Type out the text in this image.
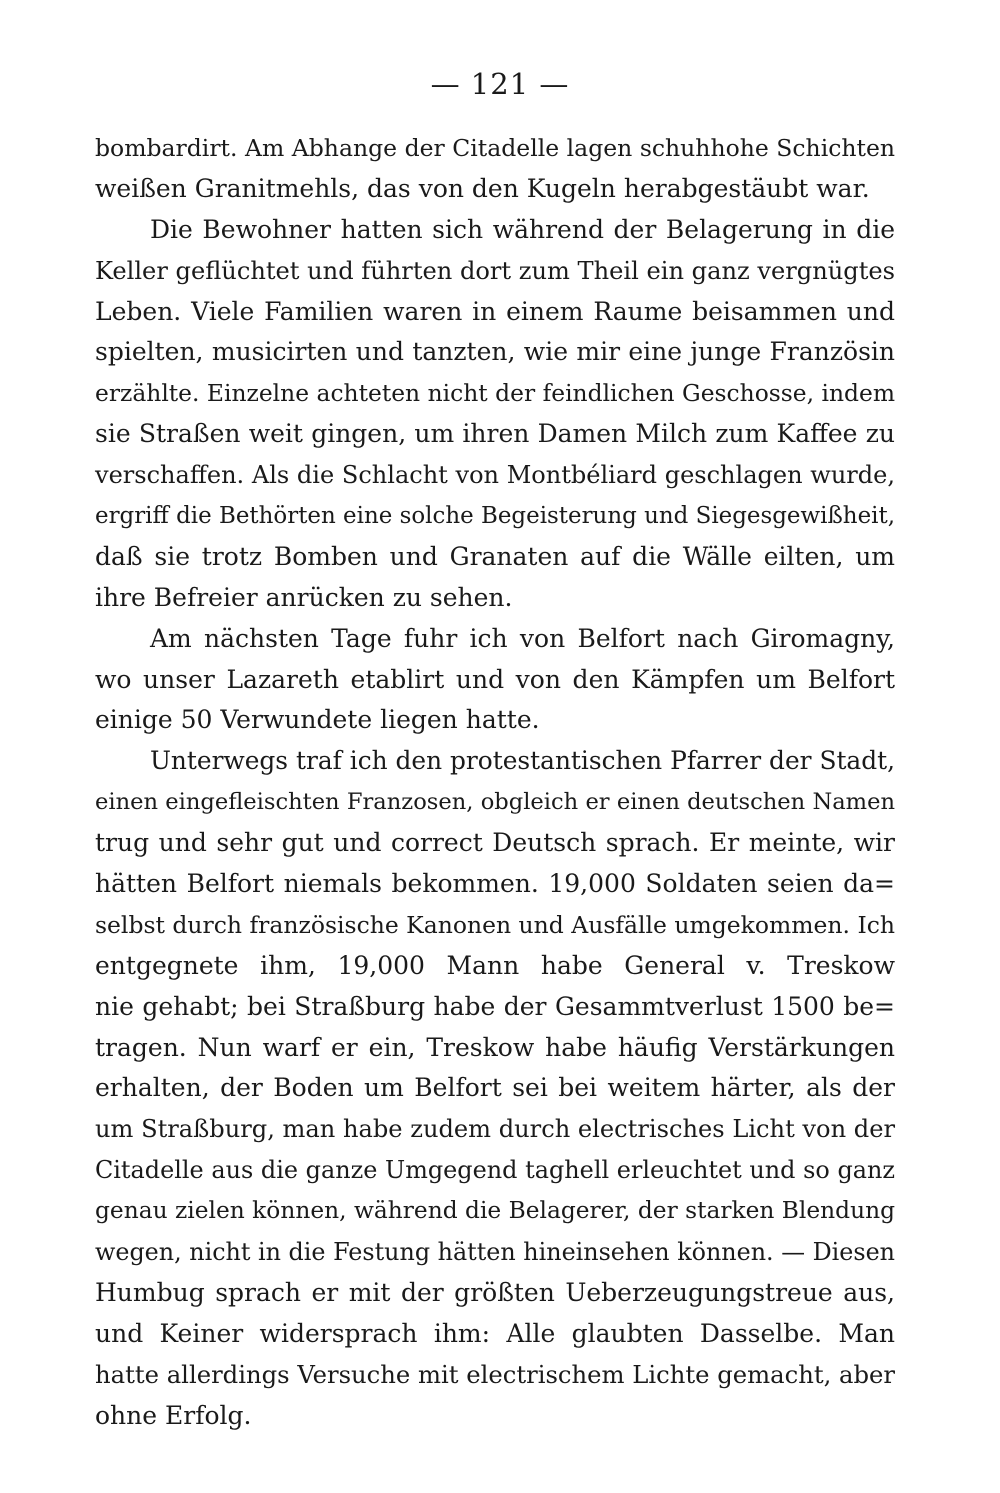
— 121 —
bombardirt. Am Abhange der Citadelle lagen schuhhohe Schichten
weißen Granitmehls, das von den Kugeln herabgestäubt war.
Die Bewohner hatten sich während der Belagerung in die
Keller geflüchtet und führten dort zum Theil ein ganz vergnügtes
Leben. Viele Familien waren in einem Raume beisammen und
spielten, musicirten und tanzten, wie mir eine junge Französin
erzählte. Einzelne achteten nicht der feindlichen Geschosse, indem
sie Straßen weit gingen, um ihren Damen Milch zum Kaffee zu
verschaffen. Als die Schlacht von Montbéliard geschlagen wurde,
ergriff die Bethörten eine solche Begeisterung und Siegesgewißheit,
daß sie trotz Bomben und Granaten auf die Wälle eilten, um
ihre Befreier anrücken zu sehen.
Am nächsten Tage fuhr ich von Belfort nach Giromagny,
wo unser Lazareth etablirt und von den Kämpfen um Belfort
einige 50 Verwundete liegen hatte.
Unterwegs traf ich den protestantischen Pfarrer der Stadt,
einen eingefleischten Franzosen, obgleich er einen deutschen Namen
trug und sehr gut und correct Deutsch sprach. Er meinte, wir
hätten Belfort niemals bekommen. 19,000 Soldaten seien da=
selbst durch französische Kanonen und Ausfälle umgekommen. Ich
entgegnete ihm, 19,000 Mann habe General v. Treskow
nie gehabt; bei Straßburg habe der Gesammtverlust 1500 be=
tragen. Nun warf er ein, Treskow habe häufig Verstärkungen
erhalten, der Boden um Belfort sei bei weitem härter, als der
um Straßburg, man habe zudem durch electrisches Licht von der
Citadelle aus die ganze Umgegend taghell erleuchtet und so ganz
genau zielen können, während die Belagerer, der starken Blendung
wegen, nicht in die Festung hätten hineinsehen können. — Diesen
Humbug sprach er mit der größten Ueberzeugungstreue aus,
und Keiner widersprach ihm: Alle glaubten Dasselbe. Man
hatte allerdings Versuche mit electrischem Lichte gemacht, aber
ohne Erfolg.
